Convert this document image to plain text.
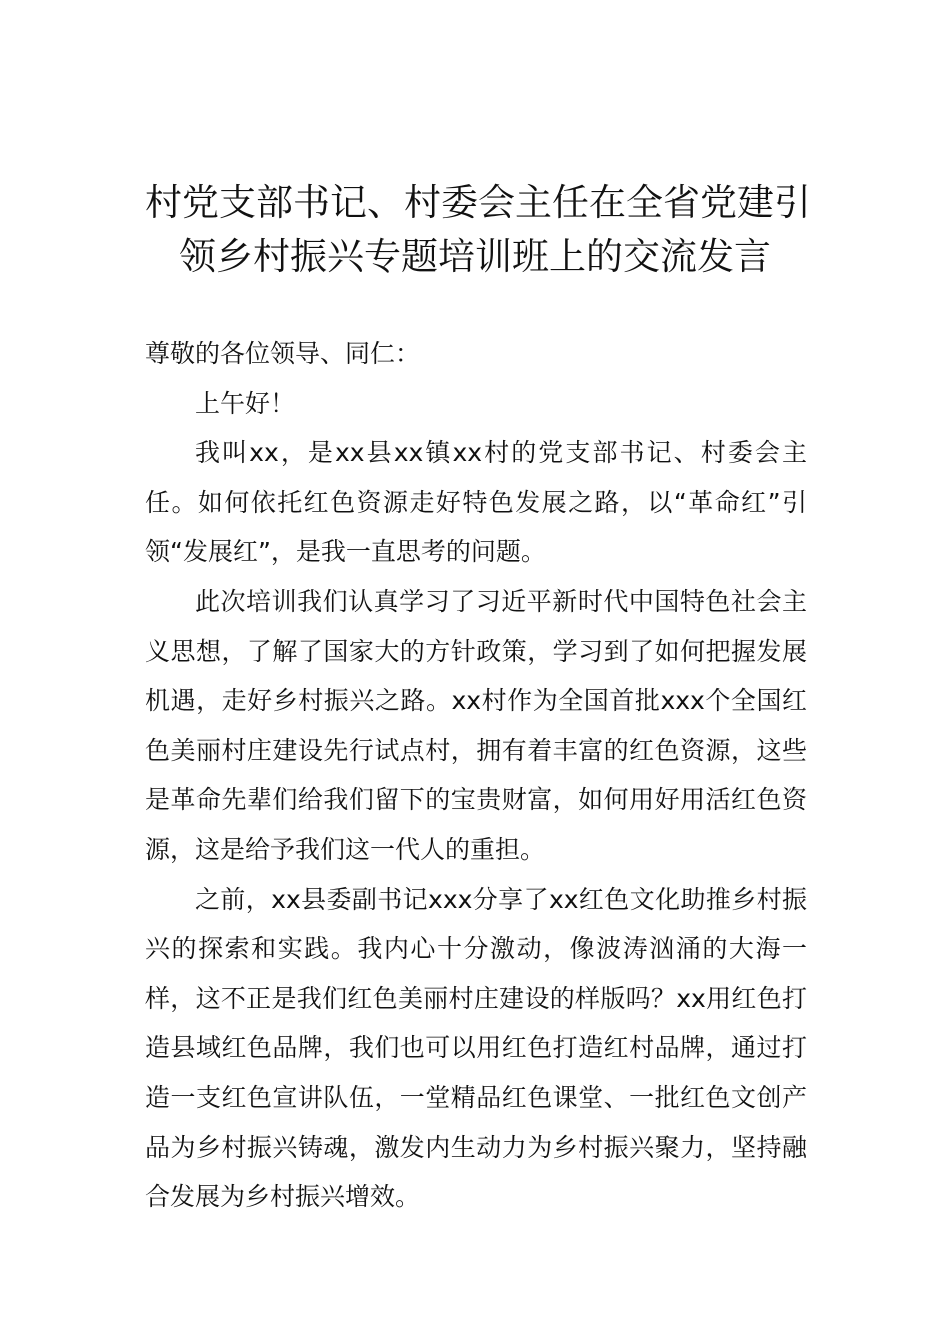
村党支部书记、村委会主任在全省党建引
领乡村振兴专题培训班上的交流发言

尊敬的各位领导、同仁：

上午好！

我叫xx，是xx县xx镇xx村的党支部书记、村委会主任。如何依托红色资源走好特色发展之路，以“革命红”引领“发展红”，是我一直思考的问题。

此次培训我们认真学习了习近平新时代中国特色社会主义思想，了解了国家大的方针政策，学习到了如何把握发展机遇，走好乡村振兴之路。xx村作为全国首批xxx个全国红色美丽村庄建设先行试点村，拥有着丰富的红色资源，这些是革命先辈们给我们留下的宝贵财富，如何用好用活红色资源，这是给予我们这一代人的重担。

之前，xx县委副书记xxx分享了xx红色文化助推乡村振兴的探索和实践。我内心十分激动，像波涛汹涌的大海一样，这不正是我们红色美丽村庄建设的样版吗？xx用红色打造县域红色品牌，我们也可以用红色打造红村品牌，通过打造一支红色宣讲队伍，一堂精品红色课堂、一批红色文创产品为乡村振兴铸魂，激发内生动力为乡村振兴聚力，坚持融合发展为乡村振兴增效。
